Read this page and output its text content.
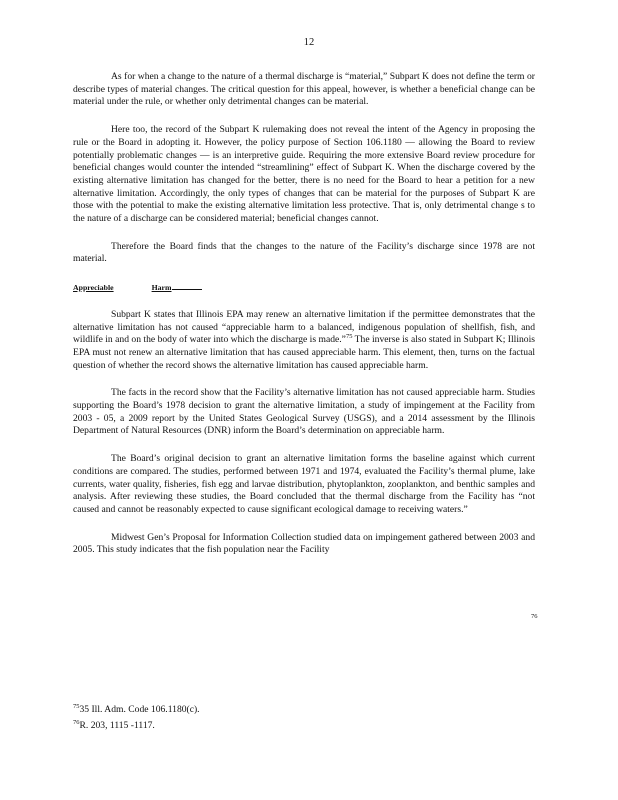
12

As for when a change to the nature of a thermal discharge is “material,” Subpart K does not define the term or describe types of material changes. The critical question for this appeal, however, is whether a beneficial change can be material under the rule, or whether only detrimental changes can be material.

Here too, the record of the Subpart K rulemaking does not reveal the intent of the Agency in proposing the rule or the Board in adopting it. However, the policy purpose of Section 106.1180 — allowing the Board to review potentially problematic changes — is an interpretive guide. Requiring the more extensive Board review procedure for beneficial changes would counter the intended “streamlining” effect of Subpart K. When the discharge covered by the existing alternative limitation has changed for the better, there is no need for the Board to hear a petition for a new alternative limitation. Accordingly, the only types of changes that can be material for the purposes of Subpart K are those with the potential to make the existing alternative limitation less protective. That is, only detrimental change s to the nature of a discharge can be considered material; beneficial changes cannot.

Therefore the Board finds that the changes to the nature of the Facility’s discharge since 1978 are not material.

Appreciable	Harm

Subpart K states that Illinois EPA may renew an alternative limitation if the permittee demonstrates that the alternative limitation has not caused “appreciable harm to a balanced, indigenous population of shellfish, fish, and wildlife in and on the body of water into which the discharge is made.”$^{75}$ The inverse is also stated in Subpart K; Illinois EPA must not renew an alternative limitation that has caused appreciable harm. This element, then, turns on the factual question of whether the record shows the alternative limitation has caused appreciable harm.

The facts in the record show that the Facility’s alternative limitation has not caused appreciable harm. Studies supporting the Board’s 1978 decision to grant the alternative limitation, a study of impingement at the Facility from 2003 - 05, a 2009 report by the United States Geological Survey (USGS), and a 2014 assessment by the Illinois Department of Natural Resources (DNR) inform the Board’s determination on appreciable harm.

The Board’s original decision to grant an alternative limitation forms the baseline against which current conditions are compared. The studies, performed between 1971 and 1974, evaluated the Facility’s thermal plume, lake currents, water quality, fisheries, fish egg and larvae distribution, phytoplankton, zooplankton, and benthic samples and analysis. After reviewing these studies, the Board concluded that the thermal discharge from the Facility has “not caused and cannot be reasonably expected to cause significant ecological damage to receiving waters.”

Midwest Gen’s Proposal for Information Collection studied data on impingement gathered between 2003 and 2005. This study indicates that the fish population near the Facility

76

$^{75}$35 Ill. Adm. Code 106.1180(c).

$^{76}$R. 203, 1115 -1117.
